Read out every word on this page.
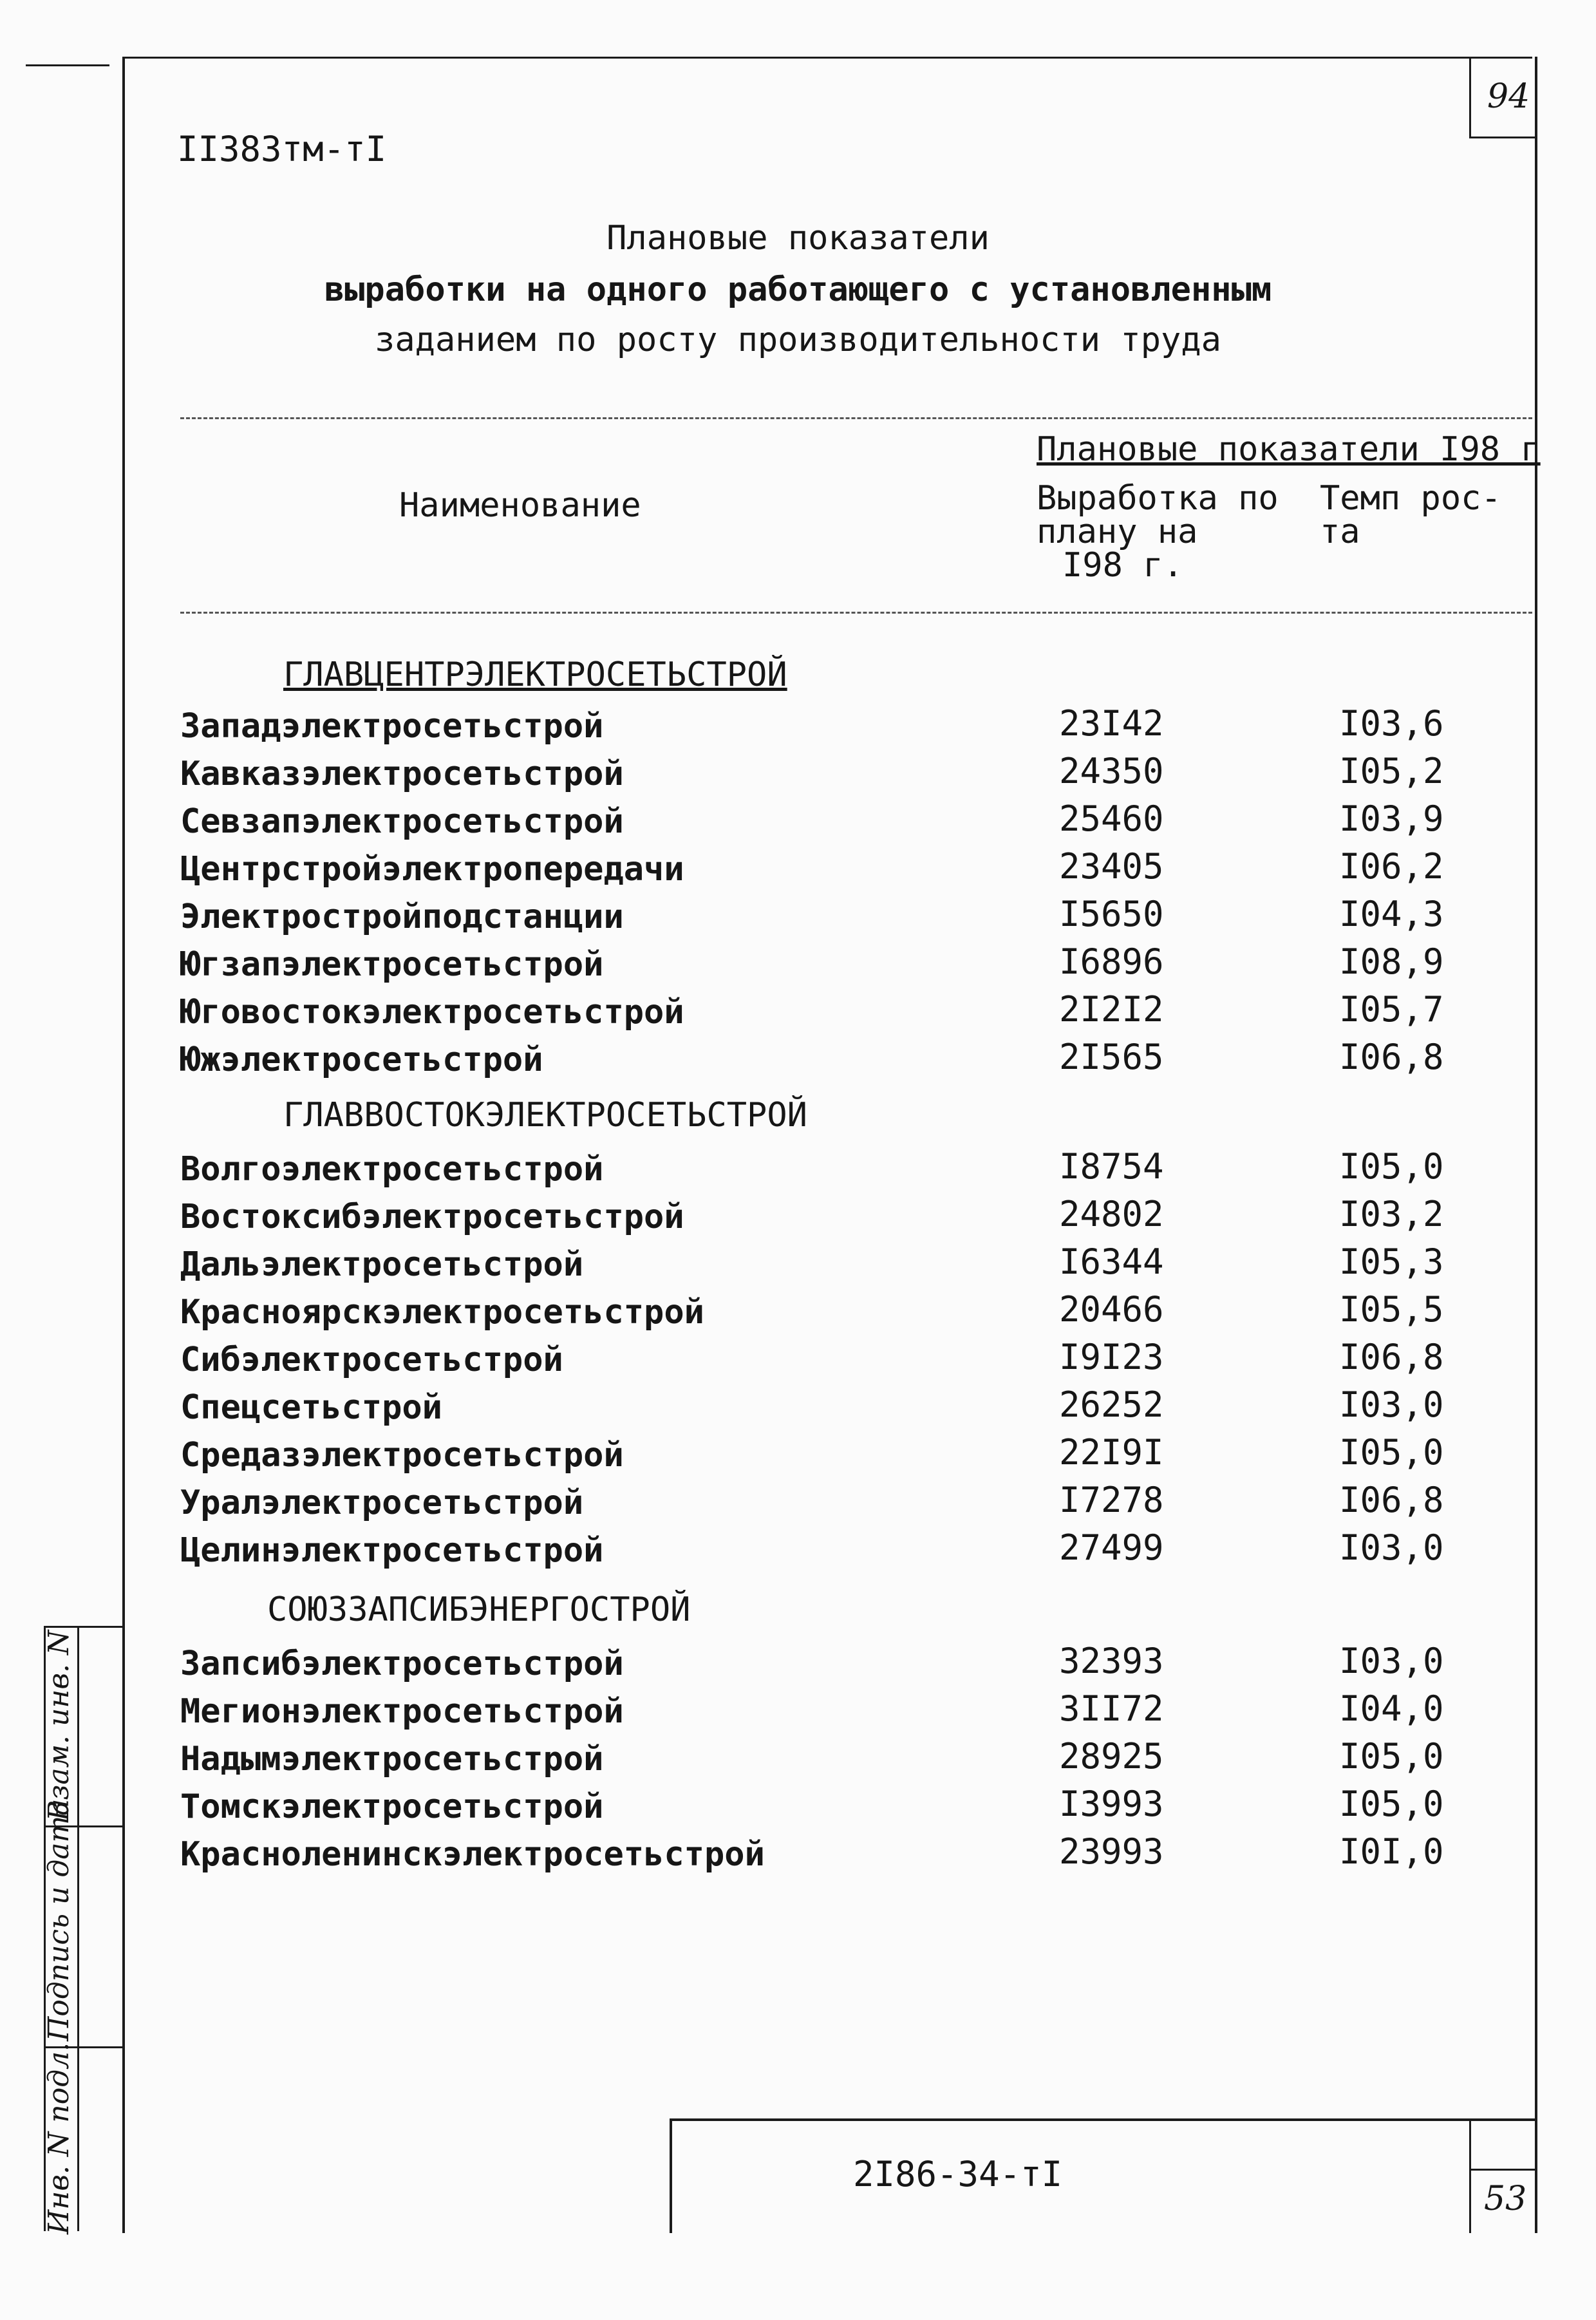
94
II383тм-тI
Плановые показатели
выработки на одного работающего с установленным
заданием по росту производительности труда
Наименование
Плановые показатели I98 г
Выработка по
плану на
I98 г.
Темп рос-
та
ГЛАВЦЕНТРЭЛЕКТРОСЕТЬСТРОЙ
Западэлектросетьстрой	23I42	I03,6
Кавказэлектросетьстрой	24350	I05,2
Севзапэлектросетьстрой	25460	I03,9
Центрстройэлектропередачи	23405	I06,2
Электростройподстанции	I5650	I04,3
Югзапэлектросетьстрой	I6896	I08,9
Юговостокэлектросетьстрой	2I2I2	I05,7
Южэлектросетьстрой	2I565	I06,8
ГЛАВВОСТОКЭЛЕКТРОСЕТЬСТРОЙ
Волгоэлектросетьстрой	I8754	I05,0
Востоксибэлектросетьстрой	24802	I03,2
Дальэлектросетьстрой	I6344	I05,3
Красноярскэлектросетьстрой	20466	I05,5
Сибэлектросетьстрой	I9I23	I06,8
Спецсетьстрой	26252	I03,0
Средазэлектросетьстрой	22I9I	I05,0
Уралэлектросетьстрой	I7278	I06,8
Целинэлектросетьстрой	27499	I03,0
СОЮЗЗАПСИБЭНЕРГОСТРОЙ
Запсибэлектросетьстрой	32393	I03,0
Мегионэлектросетьстрой	3II72	I04,0
Надымэлектросетьстрой	28925	I05,0
Томскэлектросетьстрой	I3993	I05,0
Красноленинскэлектросетьстрой	23993	I0I,0
Инв. N подл.
Подпись и дата
Взам. инв. N
2I86-34-тI
53
